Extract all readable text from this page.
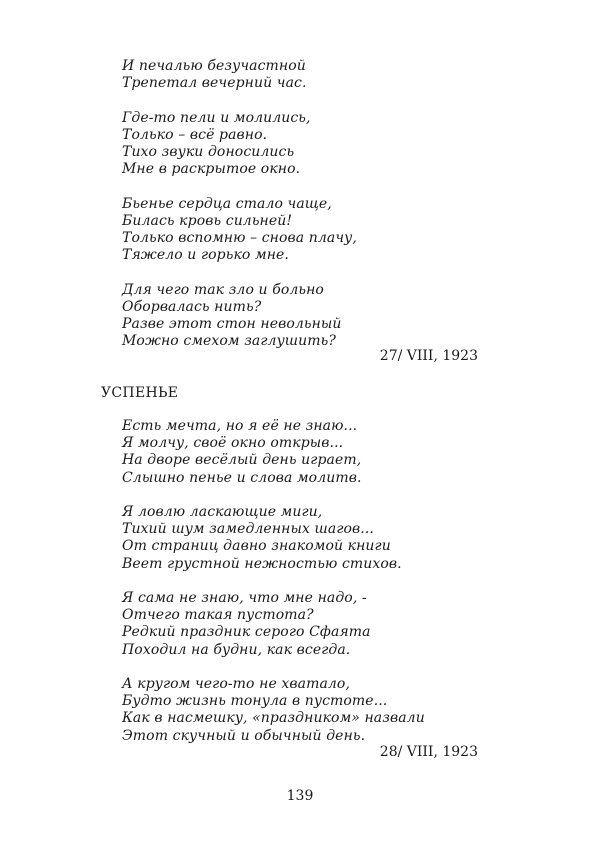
И печалью безучастной
Трепетал вечерний час.
Где-то пели и молились,
Только – всё равно.
Тихо звуки доносились
Мне в раскрытое окно.
Бьенье сердца стало чаще,
Билась кровь сильней!
Только вспомню – снова плачу,
Тяжело и горько мне.
Для чего так зло и больно
Оборвалась нить?
Разве этот стон невольный
Можно смехом заглушить?
27/ VIII, 1923
УСПЕНЬЕ
Есть мечта, но я её не знаю...
Я молчу, своё окно открыв...
На дворе весёлый день играет,
Слышно пенье и слова молитв.
Я ловлю ласкающие миги,
Тихий шум замедленных шагов...
От страниц давно знакомой книги
Веет грустной нежностью стихов.
Я сама не знаю, что мне надо, -
Отчего такая пустота?
Редкий праздник серого Сфаята
Походил на будни, как всегда.
А кругом чего-то не хватало,
Будто жизнь тонула в пустоте...
Как в насмешку, «праздником» назвали
Этот скучный и обычный день.
28/ VIII, 1923
139
